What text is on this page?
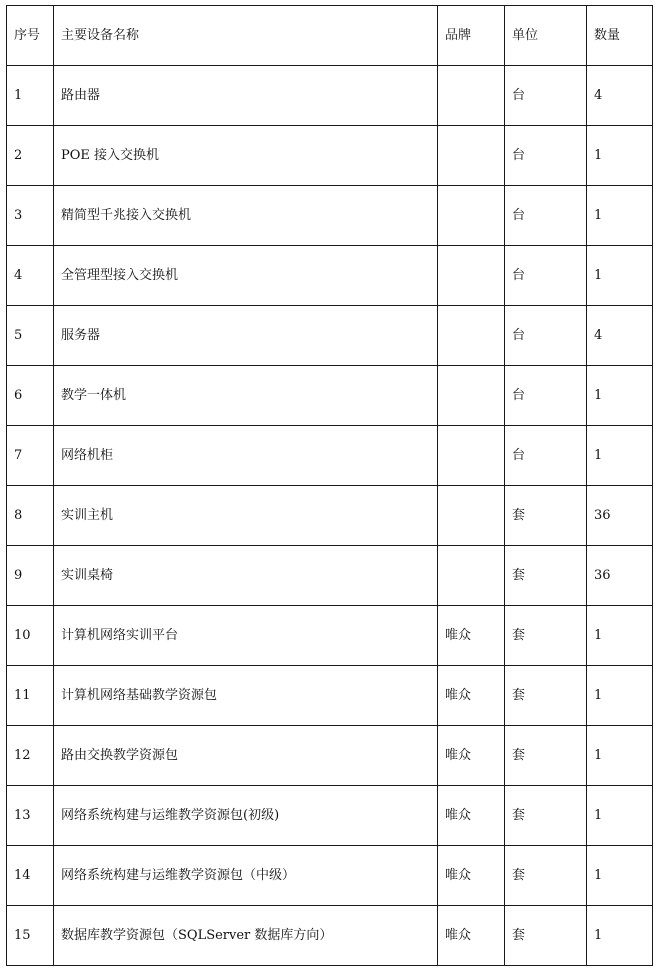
序号	主要设备名称	品牌	单位	数量
1	路由器		台	4
2	POE 接入交换机		台	1
3	精简型千兆接入交换机		台	1
4	全管理型接入交换机		台	1
5	服务器		台	4
6	教学一体机		台	1
7	网络机柜		台	1
8	实训主机		套	36
9	实训桌椅		套	36
10	计算机网络实训平台	唯众	套	1
11	计算机网络基础教学资源包	唯众	套	1
12	路由交换教学资源包	唯众	套	1
13	网络系统构建与运维教学资源包(初级)	唯众	套	1
14	网络系统构建与运维教学资源包（中级）	唯众	套	1
15	数据库教学资源包（SQLServer 数据库方向）	唯众	套	1
